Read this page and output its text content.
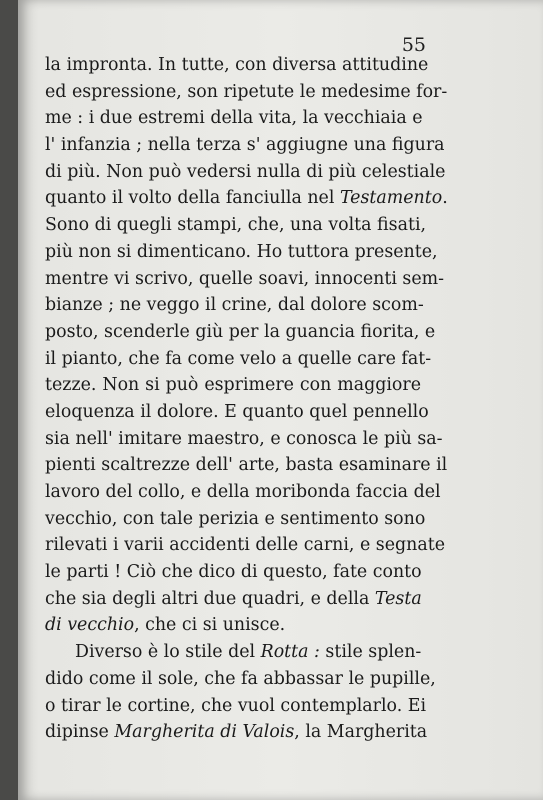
55
la impronta. In tutte, con diversa attitudine
ed espressione, son ripetute le medesime for-
me : i due estremi della vita, la vecchiaia e
l' infanzia ; nella terza s' aggiugne una figura
di più. Non può vedersi nulla di più celestiale
quanto il volto della fanciulla nel Testamento.
Sono di quegli stampi, che, una volta fisati,
più non si dimenticano. Ho tuttora presente,
mentre vi scrivo, quelle soavi, innocenti sem-
bianze ; ne veggo il crine, dal dolore scom-
posto, scenderle giù per la guancia fiorita, e
il pianto, che fa come velo a quelle care fat-
tezze. Non si può esprimere con maggiore
eloquenza il dolore. E quanto quel pennello
sia nell' imitare maestro, e conosca le più sa-
pienti scaltrezze dell' arte, basta esaminare il
lavoro del collo, e della moribonda faccia del
vecchio, con tale perizia e sentimento sono
rilevati i varii accidenti delle carni, e segnate
le parti ! Ciò che dico di questo, fate conto
che sia degli altri due quadri, e della Testa
di vecchio, che ci si unisce.
Diverso è lo stile del Rotta : stile splen-
dido come il sole, che fa abbassar le pupille,
o tirar le cortine, che vuol contemplarlo. Ei
dipinse Margherita di Valois, la Margherita
